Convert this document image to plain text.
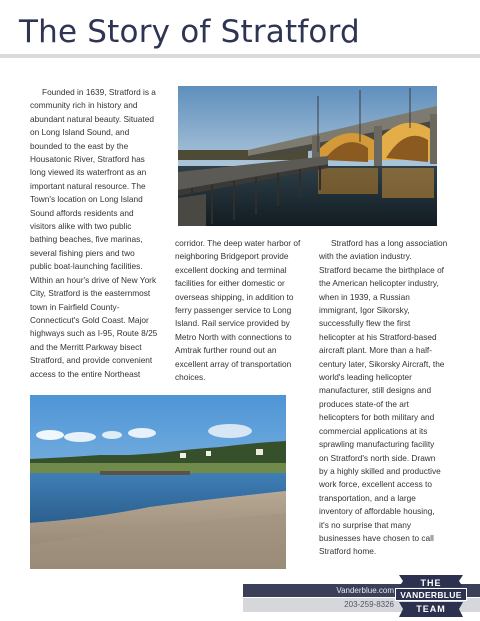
The Story of Stratford

Founded in 1639, Stratford is a

community rich in history and

abundant natural beauty. Situated

on Long Island Sound, and

bounded to the east by the

Housatonic River, Stratford has

long viewed its waterfront as an

important natural resource. The

Town's location on Long Island

Sound affords residents and

visitors alike with two public

bathing beaches, five marinas,

several fishing piers and two

public boat-launching facilities.

Within an hour's drive of New York

City, Stratford is the easternmost

town in Fairfield County-

Connecticut's Gold Coast. Major

highways such as I-95, Route 8/25

and the Merritt Parkway bisect

Stratford, and provide convenient

access to the entire Northeast

corridor. The deep water harbor of

neighboring Bridgeport provide

excellent docking and terminal

facilities for either domestic or

overseas shipping, in addition to

ferry passenger service to Long

Island. Rail service provided by

Metro North with connections to

Amtrak further round out an

excellent array of transportation

choices.

Stratford has a long association

with the aviation industry.

Stratford became the birthplace of

the American helicopter industry,

when in 1939, a Russian

immigrant, Igor Sikorsky,

successfully flew the first

helicopter at his Stratford-based

aircraft plant. More than a half-

century later, Sikorsky Aircraft, the

world's leading helicopter

manufacturer, still designs and

produces state-of the art

helicopters for both military and

commercial applications at its

sprawling manufacturing facility

on Stratford's north side. Drawn

by a highly skilled and productive

work force, excellent access to

transportation, and a large

inventory of affordable housing,

it's no surprise that many

businesses have chosen to call

Stratford home.

Vanderblue.com
203-259-8326
THE
VANDERBLUE
TEAM
